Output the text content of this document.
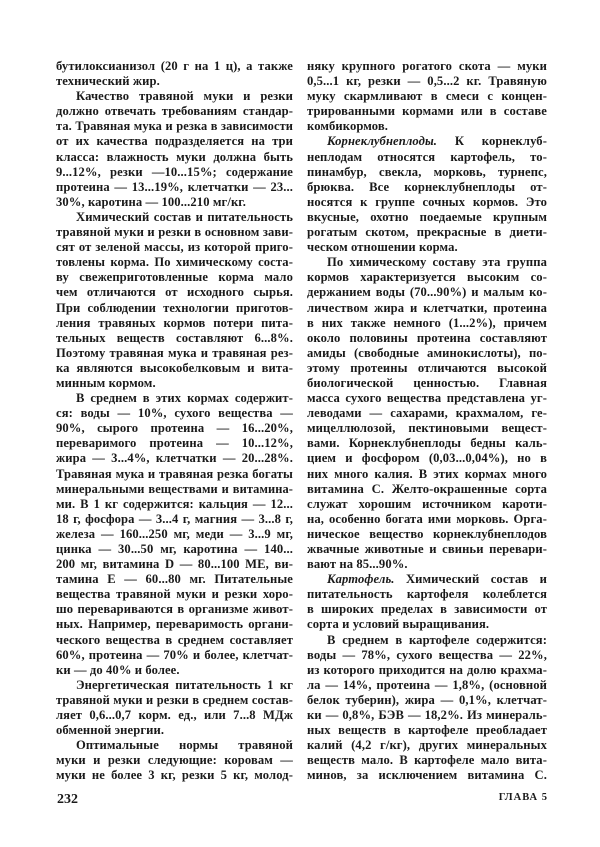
бутилоксианизол (20 г на 1 ц), а также
технический жир.
Качество травяной муки и резки
должно отвечать требованиям стандар-
та. Травяная мука и резка в зависимости
от их качества подразделяется на три
класса: влажность муки должна быть
9...12%, резки —10...15%; содержание
протеина — 13...19%, клетчатки — 23...
30%, каротина — 100...210 мг/кг.
Химический состав и питательность
травяной муки и резки в основном зави-
сят от зеленой массы, из которой приго-
товлены корма. По химическому соста-
ву свежеприготовленные корма мало
чем отличаются от исходного сырья.
При соблюдении технологии приготов-
ления травяных кормов потери пита-
тельных веществ составляют 6...8%.
Поэтому травяная мука и травяная рез-
ка являются высокобелковым и вита-
минным кормом.
В среднем в этих кормах содержит-
ся: воды — 10%, сухого вещества —
90%, сырого протеина — 16...20%,
переваримого протеина — 10...12%,
жира — 3...4%, клетчатки — 20...28%.
Травяная мука и травяная резка богаты
минеральными веществами и витамина-
ми. В 1 кг содержится: кальция — 12...
18 г, фосфора — 3...4 г, магния — 3...8 г,
железа — 160...250 мг, меди — 3...9 мг,
цинка — 30...50 мг, каротина — 140...
200 мг, витамина D — 80...100 МЕ, ви-
тамина Е — 60...80 мг. Питательные
вещества травяной муки и резки хоро-
шо перевариваются в организме живот-
ных. Например, переваримость органи-
ческого вещества в среднем составляет
60%, протеина — 70% и более, клетчат-
ки — до 40% и более.
Энергетическая питательность 1 кг
травяной муки и резки в среднем состав-
ляет 0,6...0,7 корм. ед., или 7...8 МДж
обменной энергии.
Оптимальные нормы травяной
муки и резки следующие: коровам —
муки не более 3 кг, резки 5 кг, молод-
няку крупного рогатого скота — муки
0,5...1 кг, резки — 0,5...2 кг. Травяную
муку скармливают в смеси с концен-
трированными кормами или в составе
комбикормов.
Корнеклубнеплоды. К корнеклуб-
неплодам относятся картофель, то-
пинамбур, свекла, морковь, турнепс,
брюква. Все корнеклубнеплоды от-
носятся к группе сочных кормов. Это
вкусные, охотно поедаемые крупным
рогатым скотом, прекрасные в диети-
ческом отношении корма.
По химическому составу эта группа
кормов характеризуется высоким со-
держанием воды (70...90%) и малым ко-
личеством жира и клетчатки, протеина
в них также немного (1...2%), причем
около половины протеина составляют
амиды (свободные аминокислоты), по-
этому протеины отличаются высокой
биологической ценностью. Главная
масса сухого вещества представлена уг-
леводами — сахарами, крахмалом, ге-
мицеллюлозой, пектиновыми вещест-
вами. Корнеклубнеплоды бедны каль-
цием и фосфором (0,03...0,04%), но в
них много калия. В этих кормах много
витамина С. Желто-окрашенные сорта
служат хорошим источником кароти-
на, особенно богата ими морковь. Орга-
ническое вещество корнеклубнеплодов
жвачные животные и свиньи перевари-
вают на 85...90%.
Картофель. Химический состав и
питательность картофеля колеблется
в широких пределах в зависимости от
сорта и условий выращивания.
В среднем в картофеле содержится:
воды — 78%, сухого вещества — 22%,
из которого приходится на долю крахма-
ла — 14%, протеина — 1,8%, (основной
белок туберин), жира — 0,1%, клетчат-
ки — 0,8%, БЭВ — 18,2%. Из минераль-
ных веществ в картофеле преобладает
калий (4,2 г/кг), других минеральных
веществ мало. В картофеле мало вита-
минов, за исключением витамина С.
232	ГЛАВА 5
